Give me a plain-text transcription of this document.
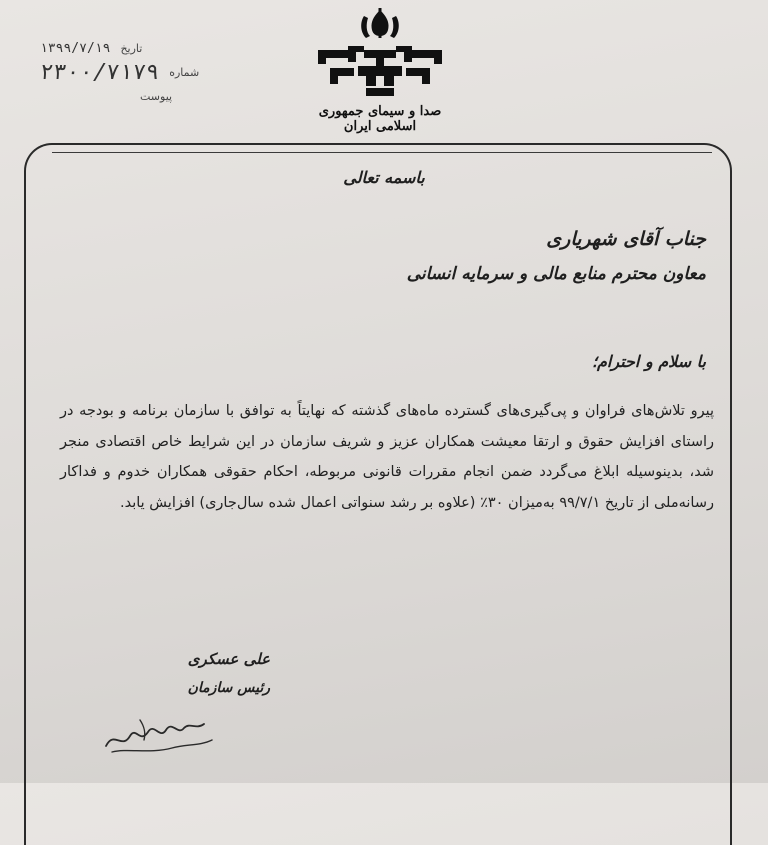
تاریخ
۱۳۹۹/۷/۱۹
شماره
۲۳۰۰/۷۱۷۹
پیوست
صدا و سیمای جمهوری اسلامی ایران
باسمه تعالی
جناب آقای شهریاری
معاون محترم منابع مالی و سرمایه انسانی
با سلام و احترام؛

پیرو تلاش‌های فراوان و پی‌گیری‌های گسترده ماه‌های گذشته که نهایتاً به توافق با سازمان برنامه و بودجه در راستای افزایش حقوق و ارتقا معیشت همکاران عزیز و شریف سازمان در این شرایط خاص اقتصادی منجر شد، بدینوسیله ابلاغ می‌گردد ضمن انجام مقررات قانونی مربوطه، احکام حقوقی همکاران خدوم و فداکار رسانه‌ملی از تاریخ ۹۹/۷/۱ به‌میزان ۳۰٪ (علاوه بر رشد سنواتی اعمال شده سال‌جاری) افزایش یابد.

علی عسکری
رئیس سازمان
